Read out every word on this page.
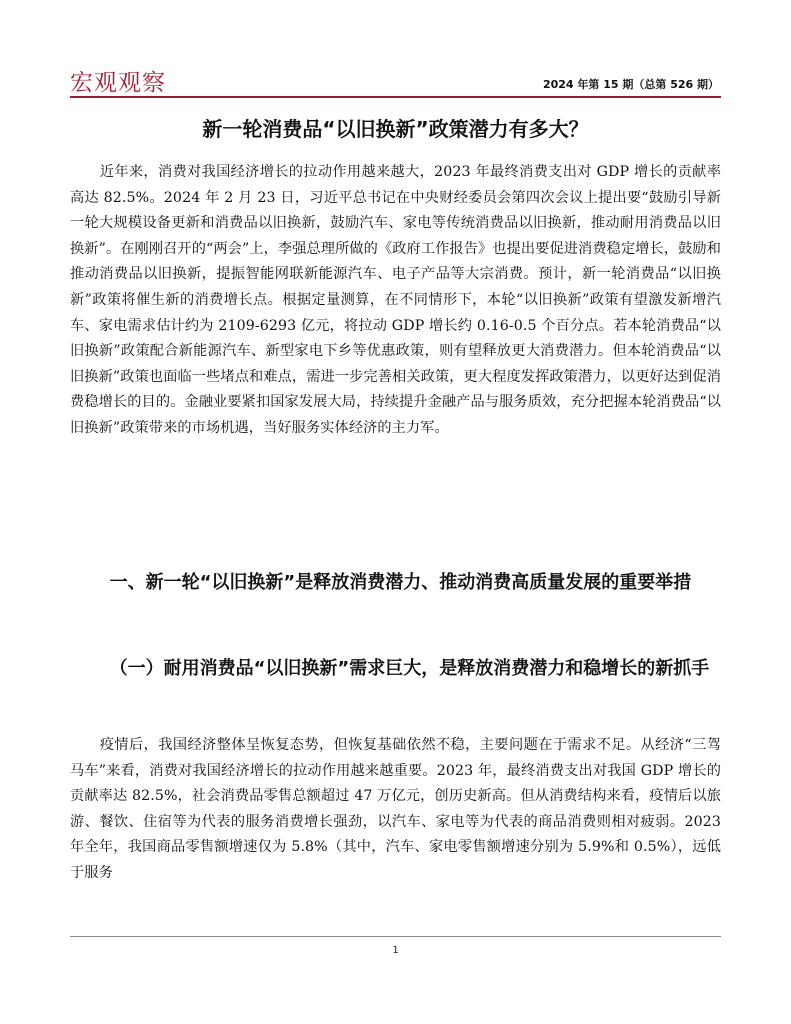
宏观观察	2024 年第 15 期（总第 526 期）
新一轮消费品“以旧换新”政策潜力有多大？

近年来，消费对我国经济增长的拉动作用越来越大，2023 年最终消费支出对 GDP 增长的贡献率高达 82.5%。2024 年 2 月 23 日，习近平总书记在中央财经委员会第四次会议上提出要“鼓励引导新一轮大规模设备更新和消费品以旧换新，鼓励汽车、家电等传统消费品以旧换新，推动耐用消费品以旧换新”。在刚刚召开的“两会”上，李强总理所做的《政府工作报告》也提出要促进消费稳定增长，鼓励和推动消费品以旧换新，提振智能网联新能源汽车、电子产品等大宗消费。预计，新一轮消费品“以旧换新”政策将催生新的消费增长点。根据定量测算，在不同情形下，本轮“以旧换新”政策有望激发新增汽车、家电需求估计约为 2109-6293 亿元，将拉动 GDP 增长约 0.16-0.5 个百分点。若本轮消费品“以旧换新”政策配合新能源汽车、新型家电下乡等优惠政策，则有望释放更大消费潜力。但本轮消费品“以旧换新”政策也面临一些堵点和难点，需进一步完善相关政策，更大程度发挥政策潜力，以更好达到促消费稳增长的目的。金融业要紧扣国家发展大局，持续提升金融产品与服务质效，充分把握本轮消费品“以旧换新”政策带来的市场机遇，当好服务实体经济的主力军。

一、新一轮“以旧换新”是释放消费潜力、推动消费高质量发展的重要举措

（一）耐用消费品“以旧换新”需求巨大，是释放消费潜力和稳增长的新抓手

疫情后，我国经济整体呈恢复态势，但恢复基础依然不稳，主要问题在于需求不足。从经济“三驾马车”来看，消费对我国经济增长的拉动作用越来越重要。2023 年，最终消费支出对我国 GDP 增长的贡献率达 82.5%，社会消费品零售总额超过 47 万亿元，创历史新高。但从消费结构来看，疫情后以旅游、餐饮、住宿等为代表的服务消费增长强劲，以汽车、家电等为代表的商品消费则相对疲弱。2023 年全年，我国商品零售额增速仅为 5.8%（其中，汽车、家电零售额增速分别为 5.9%和 0.5%），远低于服务

1
